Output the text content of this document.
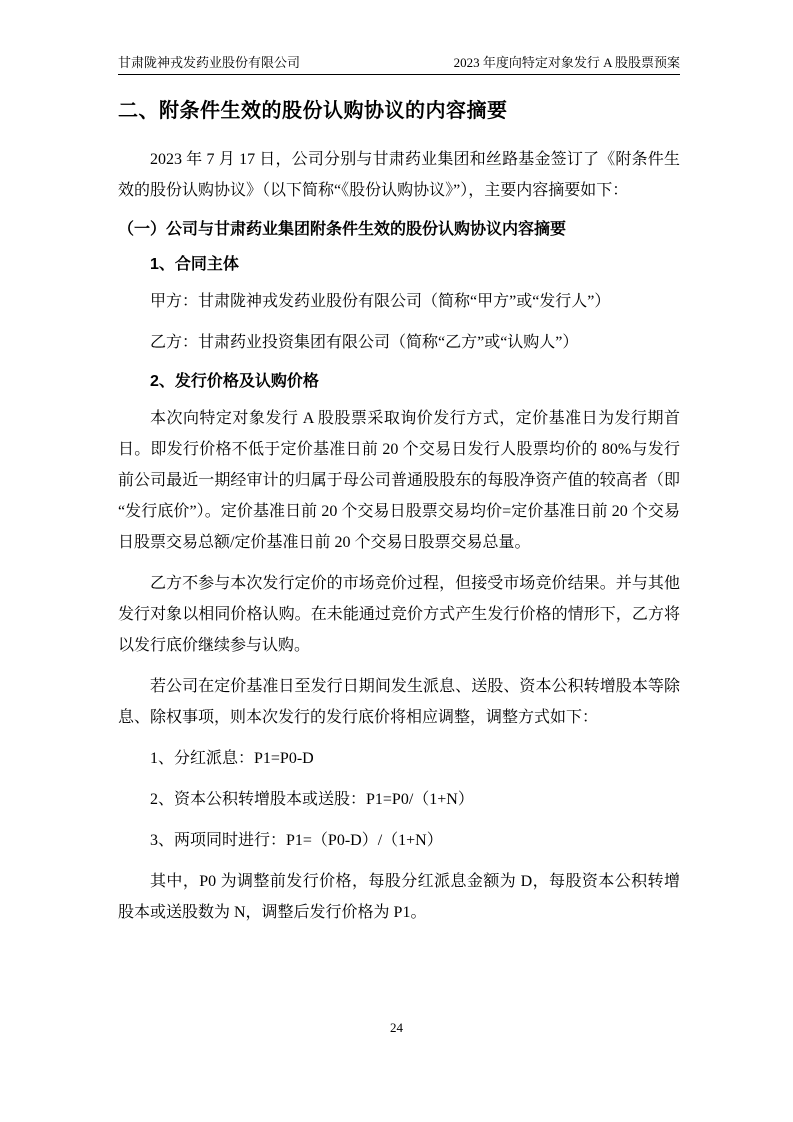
甘肃陇神戎发药业股份有限公司	2023 年度向特定对象发行 A 股股票预案
二、附条件生效的股份认购协议的内容摘要

2023 年 7 月 17 日，公司分别与甘肃药业集团和丝路基金签订了《附条件生效的股份认购协议》（以下简称“《股份认购协议》”），主要内容摘要如下：

（一）公司与甘肃药业集团附条件生效的股份认购协议内容摘要
1、合同主体

甲方：甘肃陇神戎发药业股份有限公司（简称“甲方”或“发行人”）

乙方：甘肃药业投资集团有限公司（简称“乙方”或“认购人”）

2、发行价格及认购价格

本次向特定对象发行 A 股股票采取询价发行方式，定价基准日为发行期首日。即发行价格不低于定价基准日前 20 个交易日发行人股票均价的 80%与发行前公司最近一期经审计的归属于母公司普通股股东的每股净资产值的较高者（即“发行底价”）。定价基准日前 20 个交易日股票交易均价=定价基准日前 20 个交易日股票交易总额/定价基准日前 20 个交易日股票交易总量。

乙方不参与本次发行定价的市场竞价过程，但接受市场竞价结果。并与其他发行对象以相同价格认购。在未能通过竞价方式产生发行价格的情形下，乙方将以发行底价继续参与认购。

若公司在定价基准日至发行日期间发生派息、送股、资本公积转增股本等除息、除权事项，则本次发行的发行底价将相应调整，调整方式如下：

1、分红派息：P1=P0-D

2、资本公积转增股本或送股：P1=P0/（1+N）

3、两项同时进行：P1=（P0-D）/（1+N）

其中，P0 为调整前发行价格，每股分红派息金额为 D，每股资本公积转增股本或送股数为 N，调整后发行价格为 P1。

24
